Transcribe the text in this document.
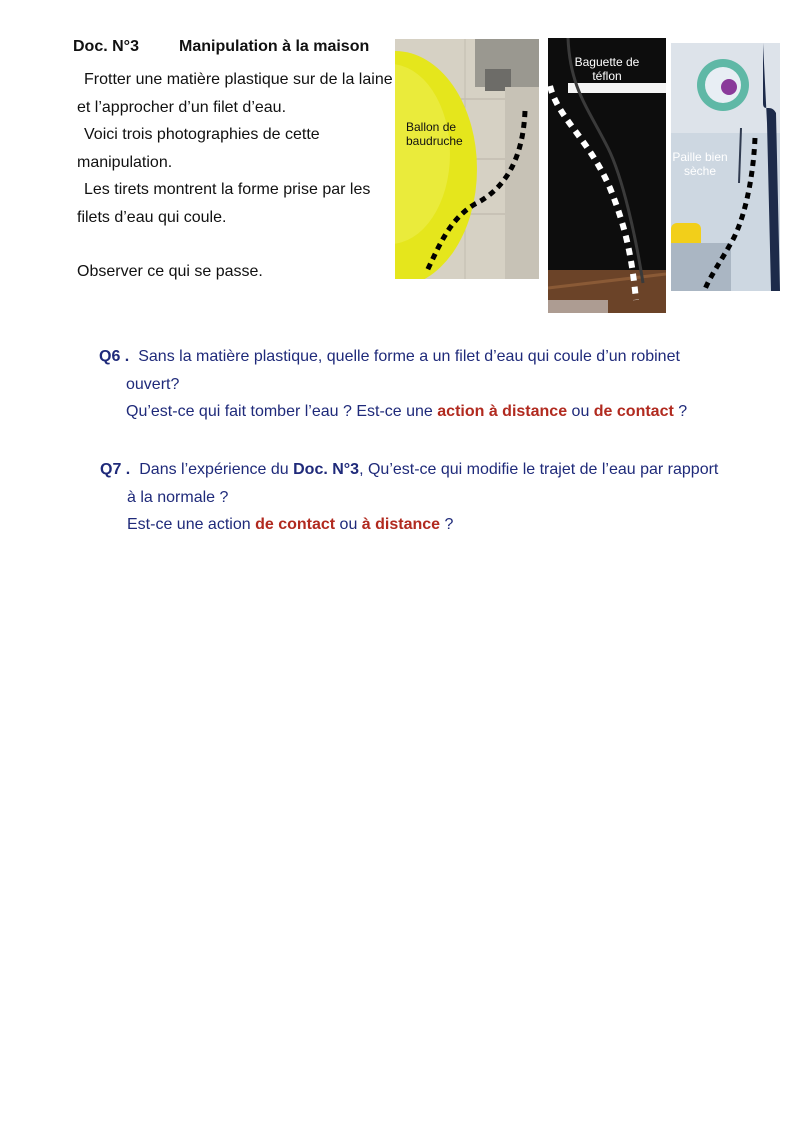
Doc. N°3	Manipulation à la maison

Frotter une matière plastique sur de la laine

et l’approcher d’un filet d’eau.

Voici trois photographies de cette

manipulation.

Les tirets montrent la forme prise par les

filets d’eau qui coule.

Observer ce qui se passe.

Ballon de
baudruche
Baguette de
téflon
Paille bien
sèche

Q6 . Sans la matière plastique, quelle forme a un filet d’eau qui coule d’un robinet

ouvert?

Qu’est-ce qui fait tomber l’eau ? Est-ce une action à distance ou de contact ?

Q7 . Dans l’expérience du Doc. N°3, Qu’est-ce qui modifie le trajet de l’eau par rapport

à la normale ?

Est-ce une action de contact ou à distance ?
